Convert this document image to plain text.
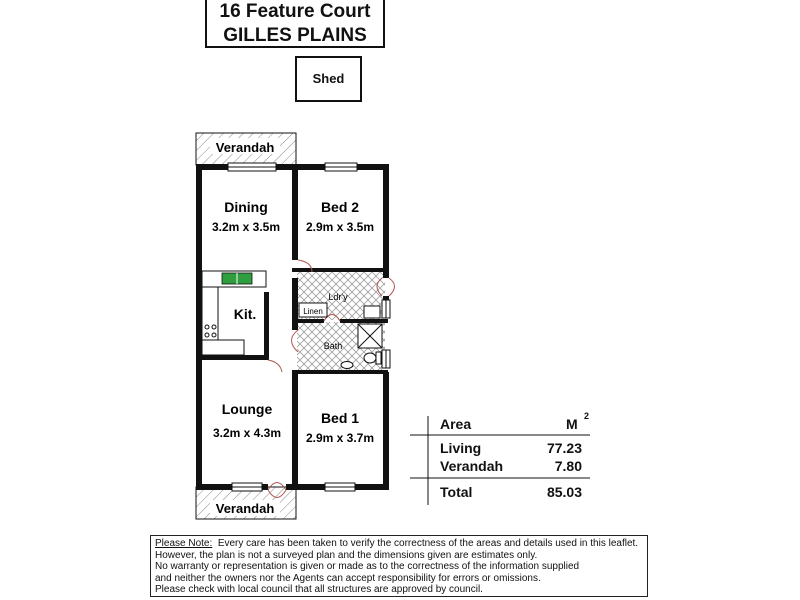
16 Feature Court
GILLES PLAINS
Shed
Verandah
Verandah
Linen
Ldr'y
Bath
Dining
3.2m x 3.5m
Bed 2
2.9m x 3.5m
Kit.
Lounge
3.2m x 4.3m
Bed 1
2.9m x 3.7m
Area	M 2
Living	77.23
Verandah	7.80
Total	85.03
Please Note: Every care has been taken to verify the correctness of the areas and details used in this leaflet.
However, the plan is not a surveyed plan and the dimensions given are estimates only.
No warranty or representation is given or made as to the correctness of the information supplied
and neither the owners nor the Agents can accept responsibility for errors or omissions.
Please check with local council that all structures are approved by council.
